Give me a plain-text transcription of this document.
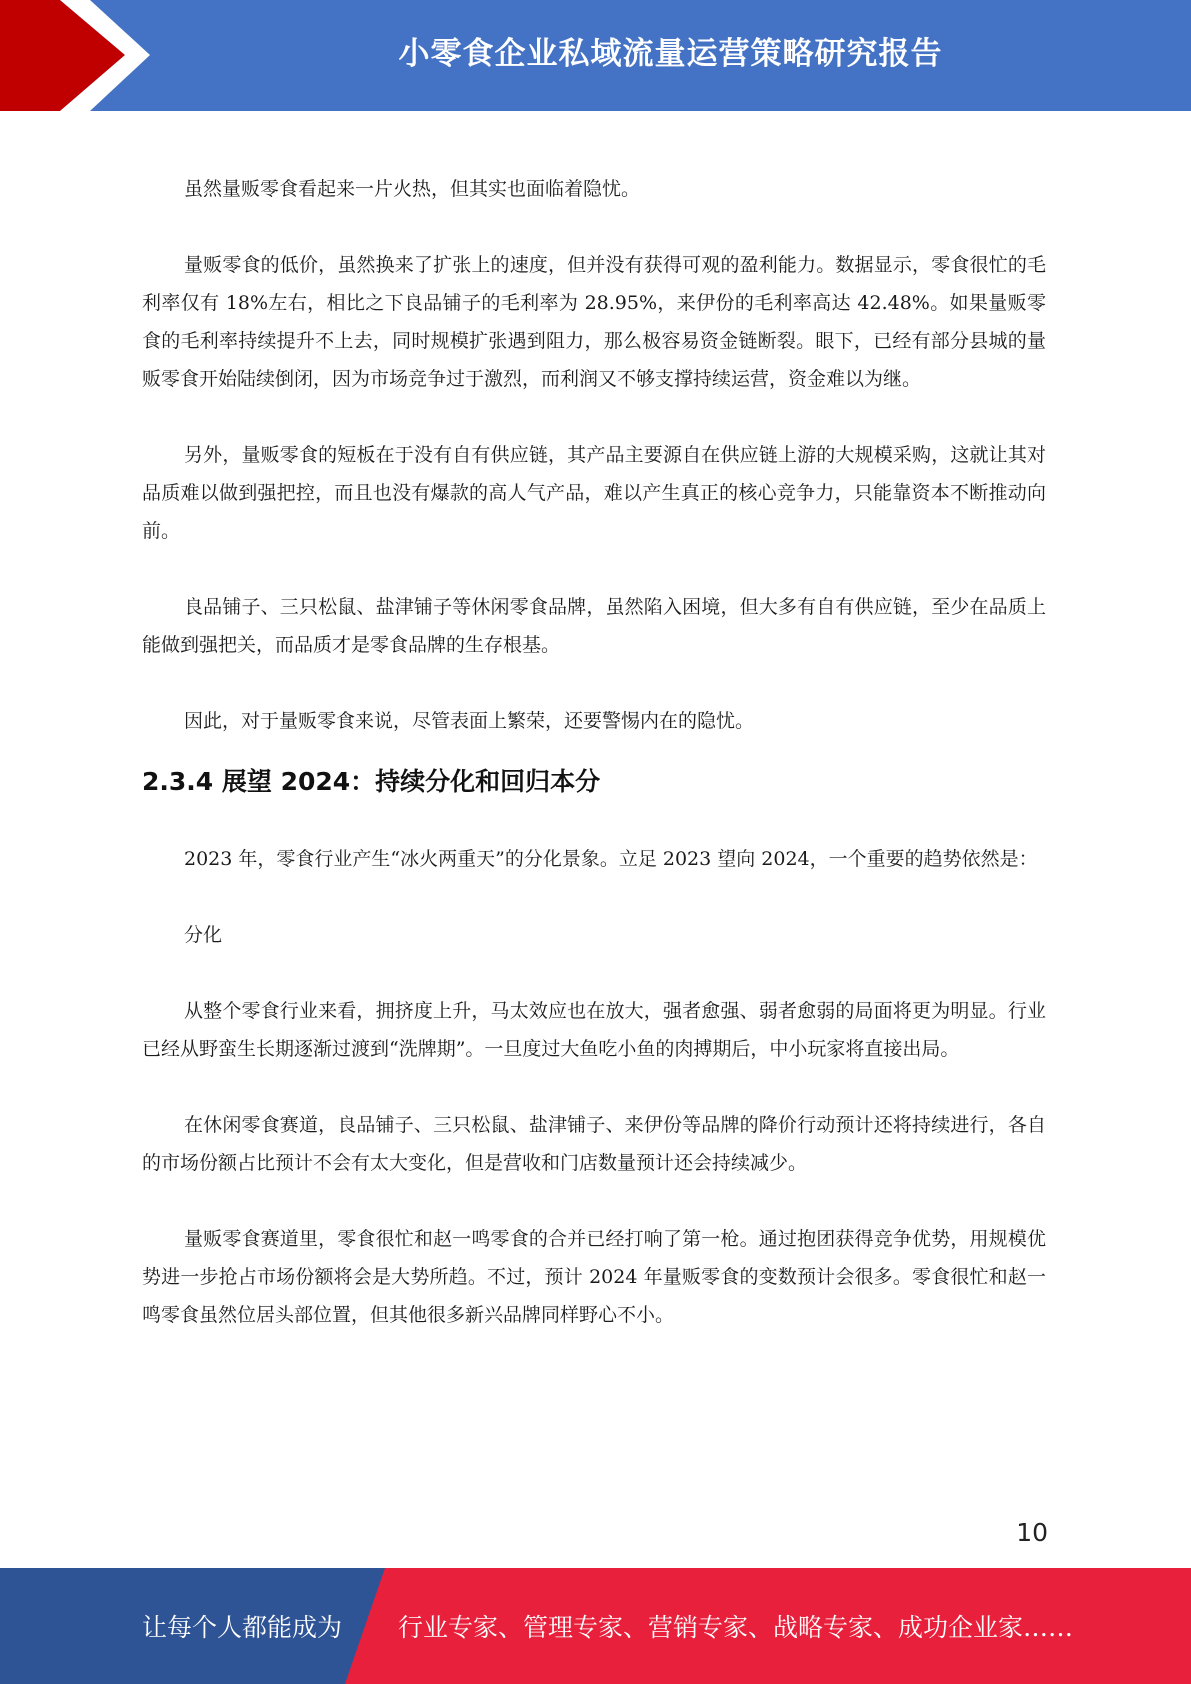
小零食企业私域流量运营策略研究报告

虽然量贩零食看起来一片火热，但其实也面临着隐忧。

量贩零食的低价，虽然换来了扩张上的速度，但并没有获得可观的盈利能力。数据显示，零食很忙的毛利率仅有 18%左右，相比之下良品铺子的毛利率为 28.95%，来伊份的毛利率高达 42.48%。如果量贩零食的毛利率持续提升不上去，同时规模扩张遇到阻力，那么极容易资金链断裂。眼下，已经有部分县城的量贩零食开始陆续倒闭，因为市场竞争过于激烈，而利润又不够支撑持续运营，资金难以为继。

另外，量贩零食的短板在于没有自有供应链，其产品主要源自在供应链上游的大规模采购，这就让其对品质难以做到强把控，而且也没有爆款的高人气产品，难以产生真正的核心竞争力，只能靠资本不断推动向前。

良品铺子、三只松鼠、盐津铺子等休闲零食品牌，虽然陷入困境，但大多有自有供应链，至少在品质上能做到强把关，而品质才是零食品牌的生存根基。

因此，对于量贩零食来说，尽管表面上繁荣，还要警惕内在的隐忧。

2.3.4 展望 2024：持续分化和回归本分

2023 年，零食行业产生“冰火两重天”的分化景象。立足 2023 望向 2024，一个重要的趋势依然是：

分化

从整个零食行业来看，拥挤度上升，马太效应也在放大，强者愈强、弱者愈弱的局面将更为明显。行业已经从野蛮生长期逐渐过渡到“洗牌期”。一旦度过大鱼吃小鱼的肉搏期后，中小玩家将直接出局。

在休闲零食赛道，良品铺子、三只松鼠、盐津铺子、来伊份等品牌的降价行动预计还将持续进行，各自的市场份额占比预计不会有太大变化，但是营收和门店数量预计还会持续减少。

量贩零食赛道里，零食很忙和赵一鸣零食的合并已经打响了第一枪。通过抱团获得竞争优势，用规模优势进一步抢占市场份额将会是大势所趋。不过，预计 2024 年量贩零食的变数预计会很多。零食很忙和赵一鸣零食虽然位居头部位置，但其他很多新兴品牌同样野心不小。

10
让每个人都能成为 行业专家、管理专家、营销专家、战略专家、成功企业家……
